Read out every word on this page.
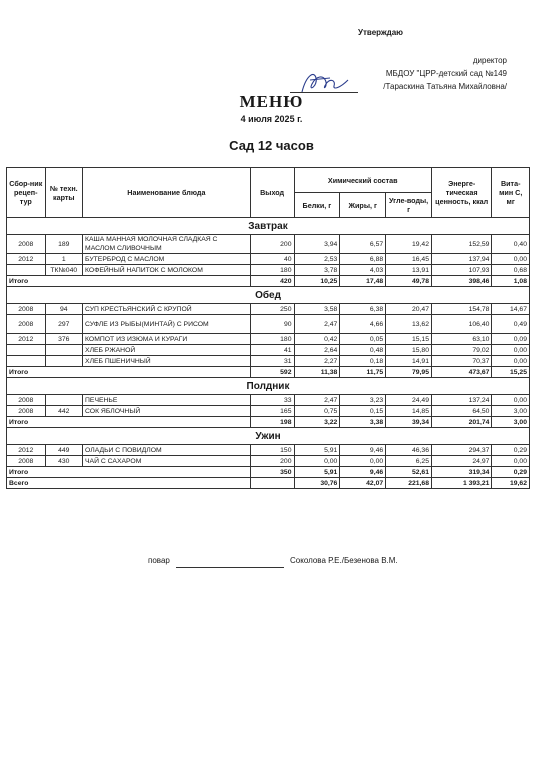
Утверждаю
директор
МБДОУ "ЦРР-детский сад №149
/Тараскина Татьяна Михайловна/
МЕНЮ
4 июля 2025 г.
Сад 12 часов
Сбор-ник рецеп-тур	№ техн. карты	Наименование блюда	Выход	Химический состав			Энерге-тическая ценность, ккал	Вита-мин С, мг
				Белки, г	Жиры, г	Угле-воды, г		
Завтрак								
2008	189	КАША МАННАЯ МОЛОЧНАЯ СЛАДКАЯ С МАСЛОМ СЛИВОЧНЫМ	200	3,94	6,57	19,42	152,59	0,40
2012	1	БУТЕРБРОД С МАСЛОМ	40	2,53	6,88	16,45	137,94	0,00
	ТК№040	КОФЕЙНЫЙ НАПИТОК С МОЛОКОМ	180	3,78	4,03	13,91	107,93	0,68
Итого			420	10,25	17,48	49,78	398,46	1,08
Обед								
2008	94	СУП КРЕСТЬЯНСКИЙ С КРУПОЙ	250	3,58	6,38	20,47	154,78	14,67
2008	297	СУФЛЕ ИЗ РЫБЫ(МИНТАЙ) С РИСОМ	90	2,47	4,66	13,62	106,40	0,49
2012	376	КОМПОТ ИЗ ИЗЮМА И КУРАГИ	180	0,42	0,05	15,15	63,10	0,09
		ХЛЕБ РЖАНОЙ	41	2,64	0,48	15,80	79,02	0,00
		ХЛЕБ ПШЕНИЧНЫЙ	31	2,27	0,18	14,91	70,37	0,00
Итого			592	11,38	11,75	79,95	473,67	15,25
Полдник								
2008		ПЕЧЕНЬЕ	33	2,47	3,23	24,49	137,24	0,00
2008	442	СОК ЯБЛОЧНЫЙ	165	0,75	0,15	14,85	64,50	3,00
Итого			198	3,22	3,38	39,34	201,74	3,00
Ужин								
2012	449	ОЛАДЬИ С ПОВИДЛОМ	150	5,91	9,46	46,36	294,37	0,29
2008	430	ЧАЙ С САХАРОМ	200	0,00	0,00	6,25	24,97	0,00
Итого			350	5,91	9,46	52,61	319,34	0,29
Всего				30,76	42,07	221,68	1 393,21	19,62
повар	Соколова Р.Е./Безенова В.М.
